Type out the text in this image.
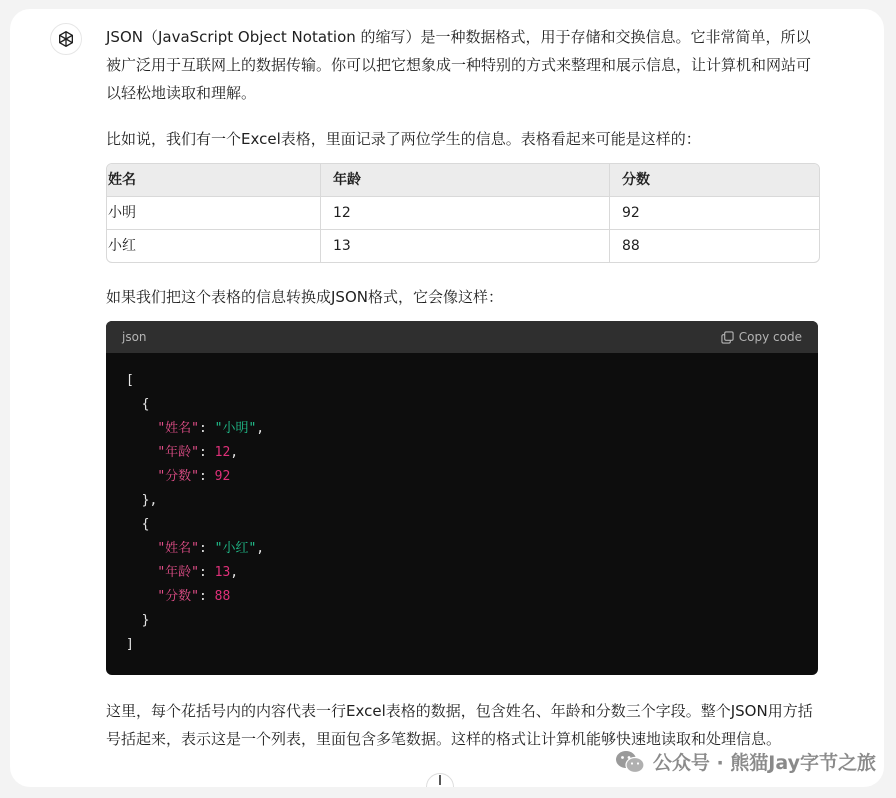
JSON（JavaScript Object Notation 的缩写）是一种数据格式，用于存储和交换信息。它非常简单，所以被广泛用于互联网上的数据传输。你可以把它想象成一种特别的方式来整理和展示信息，让计算机和网站可以轻松地读取和理解。

比如说，我们有一个Excel表格，里面记录了两位学生的信息。表格看起来可能是这样的：

姓名	年龄	分数
小明	12	92
小红	13	88

如果我们把这个表格的信息转换成JSON格式，它会像这样：

json	Copy code
[
{
"姓名": "小明",
"年龄": 12,
"分数": 92
},
{
"姓名": "小红",
"年龄": 13,
"分数": 88
}
]

这里，每个花括号内的内容代表一行Excel表格的数据，包含姓名、年龄和分数三个字段。整个JSON用方括号括起来，表示这是一个列表，里面包含多笔数据。这样的格式让计算机能够快速地读取和处理信息。

公众号 · 熊猫Jay字节之旅
